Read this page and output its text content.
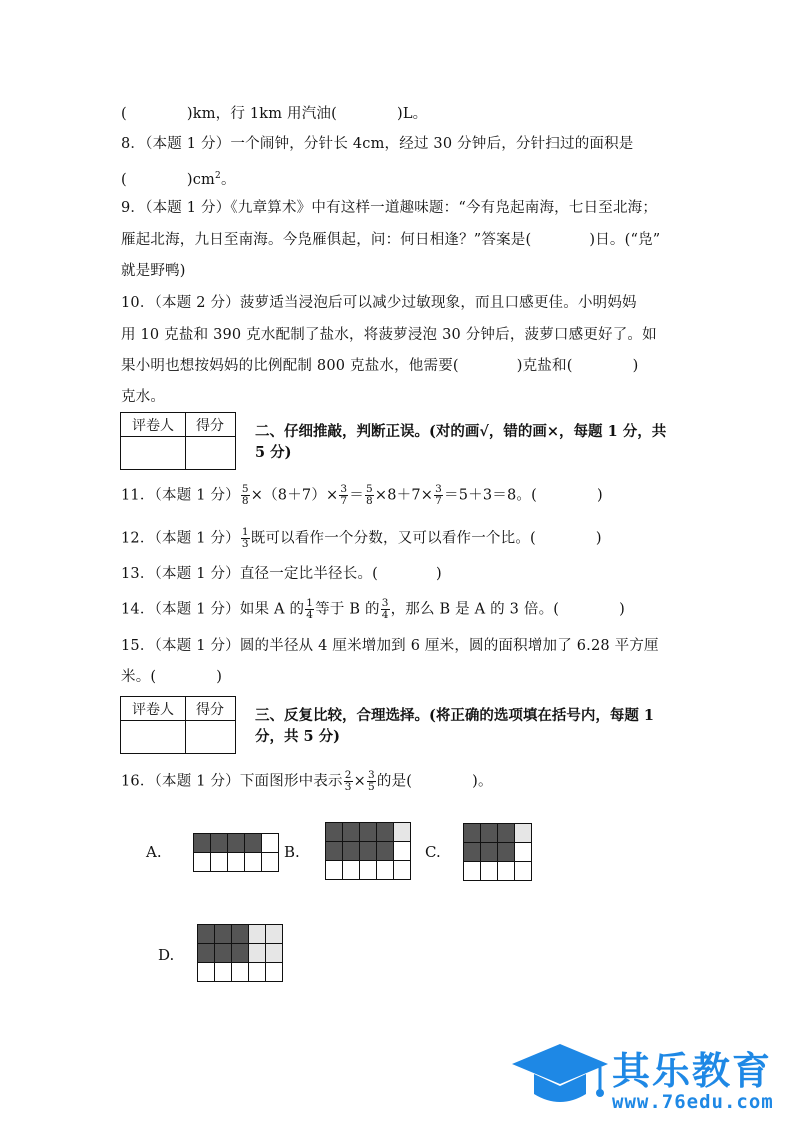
(	)km，行 1km 用汽油(	)L。
8．（本题 1 分）一个闹钟，分针长 4cm，经过 30 分钟后，分针扫过的面积是
(	)$cm^2$。
9．（本题 1 分）《九章算术》中有这样一道趣味题：“今有凫起南海，七日至北海；
雁起北海，九日至南海。今凫雁俱起，问：何日相逢？”答案是(	)日。(“凫”
就是野鸭)
10．（本题 2 分）菠萝适当浸泡后可以减少过敏现象，而且口感更佳。小明妈妈
用 10 克盐和 390 克水配制了盐水，将菠萝浸泡 30 分钟后，菠萝口感更好了。如
果小明也想按妈妈的比例配制 800 克盐水，他需要(	)克盐和(	)
克水。
评卷人	得分	二、仔细推敲，判断正误。(对的画√，错的画×，每题 1 分，共 5 分)
11．（本题 1 分） $\frac{5}{8} \times(8+7)\times \frac{3}{7} = \frac{5}{8} \times 8+7\times \frac{3}{7} =5+3=8$。(	)
12．（本题 1 分） $\frac{1}{3}$ 既可以看作一个分数，又可以看作一个比。(	)
13．（本题 1 分）直径一定比半径长。(	)
14．（本题 1 分）如果 A 的 $\frac{1}{4}$ 等于 B 的 $\frac{3}{4}$ ，那么 B 是 A 的 3 倍。(	)
15．（本题 1 分）圆的半径从 4 厘米增加到 6 厘米，圆的面积增加了 6.28 平方厘
米。(	)
评卷人	得分	三、反复比较，合理选择。(将正确的选项填在括号内，每题 1 分，共 5 分)
16．（本题 1 分）下面图形中表示 $\frac{2}{3} \times \frac{3}{5}$ 的是(	)。
A.

					B.

					C.

D.

其乐教育
www.76edu.com
